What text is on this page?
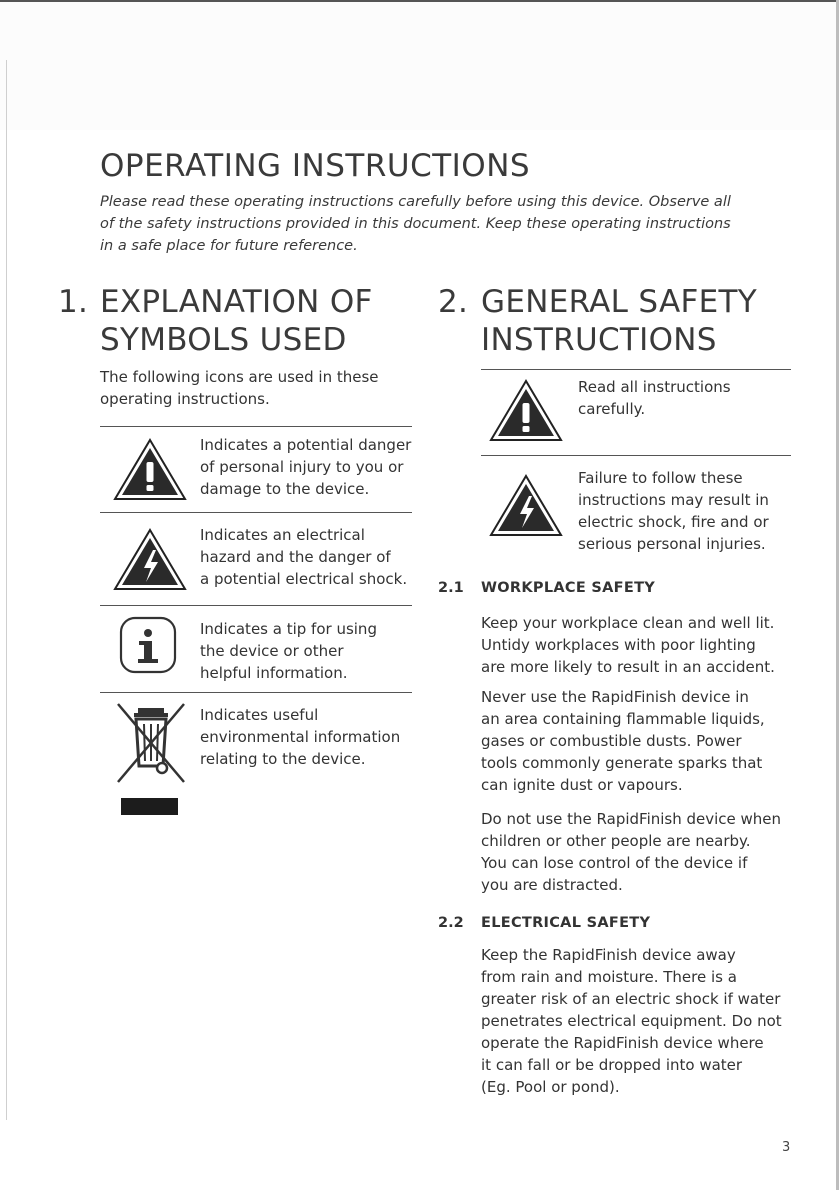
OPERATING INSTRUCTIONS

Please read these operating instructions carefully before using this device. Observe all of the safety instructions provided in this document. Keep these operating instructions in a safe place for future reference.

1. EXPLANATION OF
SYMBOLS USED

The following icons are used in these

operating instructions.

Indicates a potential danger

of personal injury to you or

damage to the device.

Indicates an electrical

hazard and the danger of

a potential electrical shock.

Indicates a tip for using

the device or other

helpful information.

Indicates useful

environmental information

relating to the device.

2. GENERAL SAFETY
INSTRUCTIONS

Read all instructions

carefully.

Failure to follow these

instructions may result in

electric shock, fire and or

serious personal injuries.

2.1 WORKPLACE SAFETY

Keep your workplace clean and well lit.

Untidy workplaces with poor lighting

are more likely to result in an accident.

Never use the RapidFinish device in

an area containing flammable liquids,

gases or combustible dusts. Power

tools commonly generate sparks that

can ignite dust or vapours.

Do not use the RapidFinish device when

children or other people are nearby.

You can lose control of the device if

you are distracted.

2.2 ELECTRICAL SAFETY

Keep the RapidFinish device away

from rain and moisture. There is a

greater risk of an electric shock if water

penetrates electrical equipment. Do not

operate the RapidFinish device where

it can fall or be dropped into water

(Eg. Pool or pond).

3
